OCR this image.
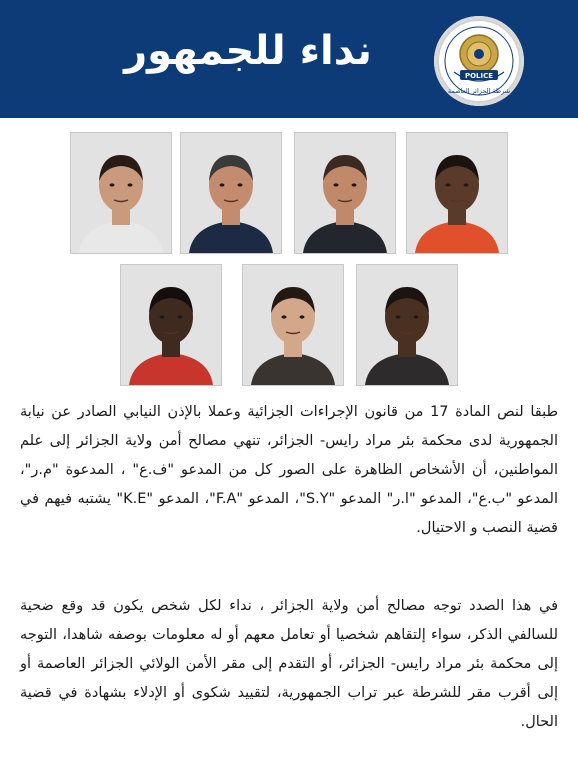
نداء للجمهور
POLICE
شرطة الجزائر العاصمة

طبقا لنص المادة 17 من قانون الإجراءات الجزائية وعملا بالإذن النيابي الصادر عن نيابة الجمهورية لدى محكمة بئر مراد رايس- الجزائر، تنهي مصالح أمن ولاية الجزائر إلى علم المواطنين، أن الأشخاص الظاهرة على الصور كل من المدعو "ف.ع" ، المدعوة "م.ر"، المدعو "ب.ع"، المدعو "ا.ر" المدعو "S.Y"، المدعو "F.A"، المدعو "K.E" يشتبه فيهم في قضية النصب و الاحتيال.

في هذا الصدد توجه مصالح أمن ولاية الجزائر ، نداء لكل شخص يكون قد وقع ضحية للسالفي الذكر، سواء إلتقاهم شخصيا أو تعامل معهم أو له معلومات بوصفه شاهدا، التوجه إلى محكمة بئر مراد رايس- الجزائر، أو التقدم إلى مقر الأمن الولائي الجزائر العاصمة أو إلى أقرب مقر للشرطة عبر تراب الجمهورية، لتقييد شكوى أو الإدلاء بشهادة في قضية الحال.
